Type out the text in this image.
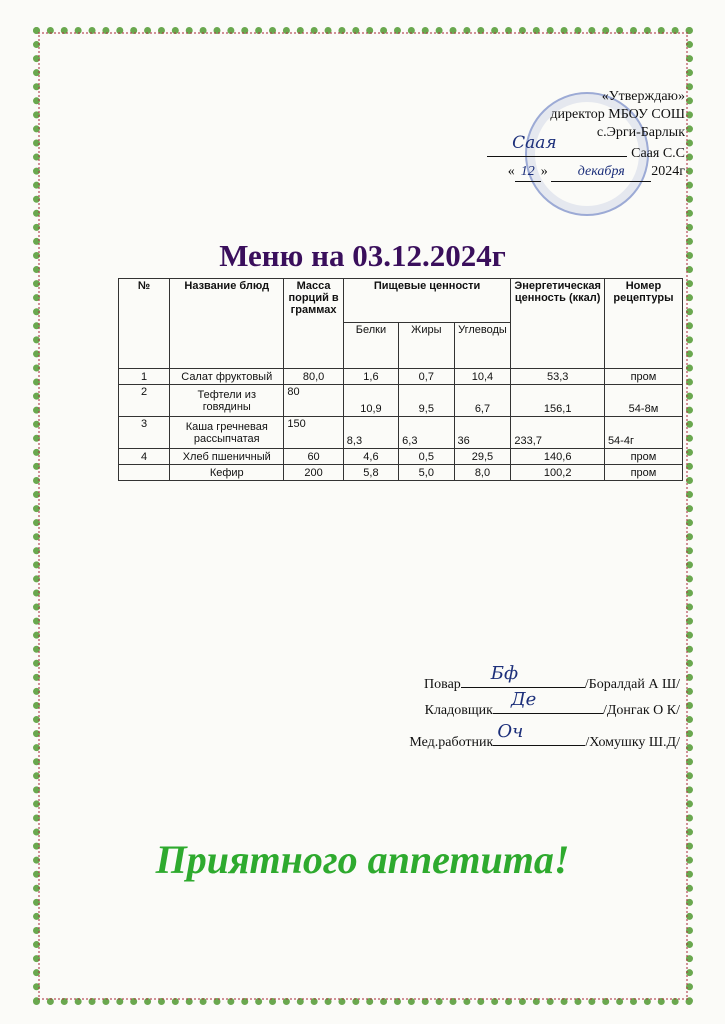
«Утверждаю»
директор МБОУ СОШ
с.Эрги-Барлык
Саая
Саая С.С
« 12 » декабря 2024г
Меню на 03.12.2024г
№	Название блюд	Масса порций в граммах	Пищевые ценности			Энергетическая ценность (ккал)	Номер рецептуры
			Белки	Жиры	Углеводы		
1	Салат фруктовый	80,0	1,6	0,7	10,4	53,3	пром
2	Тефтели из говядины	80	10,9	9,5	6,7	156,1	54-8м
3	Каша гречневая рассыпчатая	150	8,3	6,3	36	233,7	54-4г
4	Хлеб пшеничный	60	4,6	0,5	29,5	140,6	пром
	Кефир	200	5,8	5,0	8,0	100,2	пром
Повар
Бф
/Боралдай А Ш/
Кладовщик
Де
/Донгак О К/
Мед.работник
Оч
/Хомушку Ш.Д/
Приятного аппетита!
